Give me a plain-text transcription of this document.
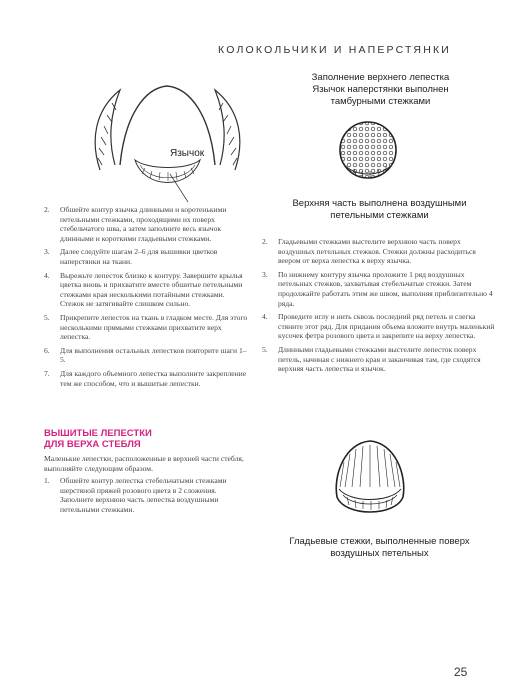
КОЛОКОЛЬЧИКИ И НАПЕРСТЯНКИ
Язычок
Заполнение верхнего лепестка
Язычок наперстянки выполнен
тамбурными стежками
Верхняя часть выполнена воздушными
петельными стежками
2. Обшейте контур язычка длинными и коротенькими петельными стежками, проходящими их поверх стебельчатого шва, а затем заполните весь язычок длинными и короткими гладьевыми стежками.
3. Далее следуйте шагам 2–6 для вышивки цветков наперстянки на ткани.
4. Вырежьте лепесток близко к контуру. Завершите крылья цветка вновь и прихватите вместе обшитые петельными стежками края несколькими потайными стежками. Стежок не затягивайте слишком сильно.
5. Прикрепите лепесток на ткань в гладком месте. Для этого несколькими прямыми стежками прихватите верх лепестка.
6. Для выполнения остальных лепестков повторите шаги 1–5.
7. Для каждого объемного лепестка выполните закрепление тем же способом, что и вышитые лепестки.
ВЫШИТЫЕ ЛЕПЕСТКИ
ДЛЯ ВЕРХА СТЕБЛЯ
Маленькие лепестки, расположенные в верхней части стебля, выполняйте следующим образом.
1. Обшейте контур лепестка стебельчатыми стежками шерстяной пряжей розового цвета в 2 сложения. Заполните верхнюю часть лепестка воздушными петельными стежками.
2. Гладьевыми стежками выстелите верхнюю часть поверх воздушных петельных стежков. Стежки должны расходиться веером от верха лепестка к верху язычка.
3. По нижнему контуру язычка проложите 1 ряд воздушных петельных стежков, захватывая стебельчатые стежки. Затем продолжайте работать этим же швом, выполняя приблизительно 4 ряда.
4. Проведите иглу и нить сквозь последний ряд петель и слегка стяните этот ряд. Для придания объема вложите внутрь маленький кусочек фетра розового цвета и закрепите на верху лепестка.
5. Длинными гладьевыми стежками выстелите лепесток поверх петель, начиная с нижнего края и заканчивая там, где сходятся верхняя часть лепестка и язычок.
Гладьевые стежки, выполненные поверх
воздушных петельных
25
